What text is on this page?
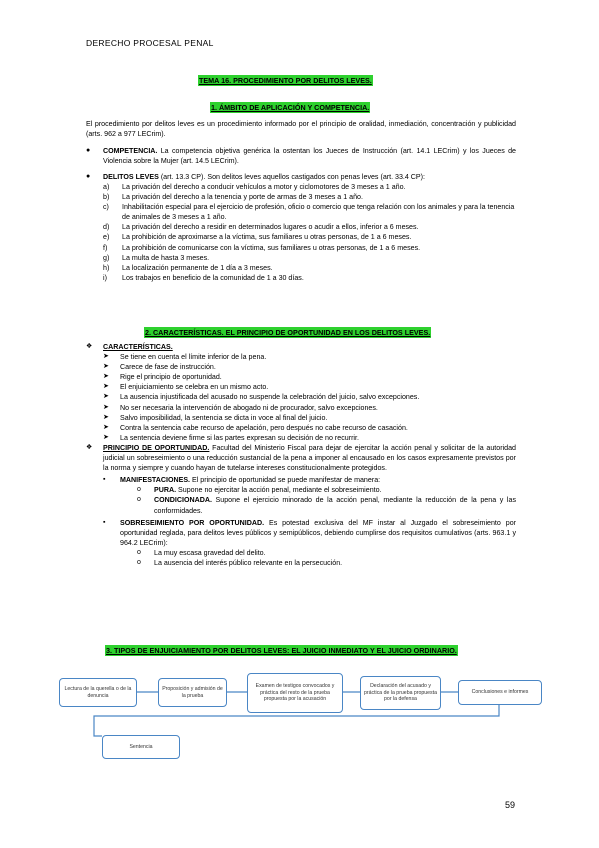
DERECHO PROCESAL PENAL
TEMA 16. PROCEDIMIENTO POR DELITOS LEVES.
1. ÁMBITO DE APLICACIÓN Y COMPETENCIA.
El procedimiento por delitos leves es un procedimiento informado por el principio de oralidad, inmediación, concentración y publicidad (arts. 962 a 977 LECrim).
●	COMPETENCIA. La competencia objetiva genérica la ostentan los Jueces de Instrucción (art. 14.1 LECrim) y los Jueces de Violencia sobre la Mujer (art. 14.5 LECrim).
●	DELITOS LEVES (art. 13.3 CP). Son delitos leves aquellos castigados con penas leves (art. 33.4 CP):
a)	La privación del derecho a conducir vehículos a motor y ciclomotores de 3 meses a 1 año.
b)	La privación del derecho a la tenencia y porte de armas de 3 meses a 1 año.
c)	Inhabilitación especial para el ejercicio de profesión, oficio o comercio que tenga relación con los animales y para la tenencia de animales de 3 meses a 1 año.
d)	La privación del derecho a residir en determinados lugares o acudir a ellos, inferior a 6 meses.
e)	La prohibición de aproximarse a la víctima, sus familiares u otras personas, de 1 a 6 meses.
f)	La prohibición de comunicarse con la víctima, sus familiares u otras personas, de 1 a 6 meses.
g)	La multa de hasta 3 meses.
h)	La localización permanente de 1 día a 3 meses.
i)	Los trabajos en beneficio de la comunidad de 1 a 30 días.
2. CARACTERÍSTICAS. EL PRINCIPIO DE OPORTUNIDAD EN LOS DELITOS LEVES.
❖	CARACTERÍSTICAS.
➤	Se tiene en cuenta el límite inferior de la pena.
➤	Carece de fase de instrucción.
➤	Rige el principio de oportunidad.
➤	El enjuiciamiento se celebra en un mismo acto.
➤	La ausencia injustificada del acusado no suspende la celebración del juicio, salvo excepciones.
➤	No ser necesaria la intervención de abogado ni de procurador, salvo excepciones.
➤	Salvo imposibilidad, la sentencia se dicta in voce al final del juicio.
➤	Contra la sentencia cabe recurso de apelación, pero después no cabe recurso de casación.
➤	La sentencia deviene firme si las partes expresan su decisión de no recurrir.
❖	PRINCIPIO DE OPORTUNIDAD. Facultad del Ministerio Fiscal para dejar de ejercitar la acción penal y solicitar de la autoridad judicial un sobreseimiento o una reducción sustancial de la pena a imponer al encausado en los casos expresamente previstos por la norma y siempre y cuando hayan de tutelarse intereses constitucionalmente protegidos.
▪	MANIFESTACIONES. El principio de oportunidad se puede manifestar de manera:
o	PURA. Supone no ejercitar la acción penal, mediante el sobreseimiento.
o	CONDICIONADA. Supone el ejercicio minorado de la acción penal, mediante la reducción de la pena y las conformidades.
▪	SOBRESEIMIENTO POR OPORTUNIDAD. Es potestad exclusiva del MF instar al Juzgado el sobreseimiento por oportunidad reglada, para delitos leves públicos y semipúblicos, debiendo cumplirse dos requisitos cumulativos (arts. 963.1 y 964.2 LECrim):
o	La muy escasa gravedad del delito.
o	La ausencia del interés público relevante en la persecución.
3. TIPOS DE ENJUICIAMIENTO POR DELITOS LEVES: EL JUICIO INMEDIATO Y EL JUICIO ORDINARIO.
Lectura de la querella o de la denuncia
Proposición y admisión de la prueba
Examen de testigos convocados y práctica del resto de la prueba propuesta por la acusación
Declaración del acusado y práctica de la prueba propuesta por la defensa
Conclusiones e informes
Sentencia
59
